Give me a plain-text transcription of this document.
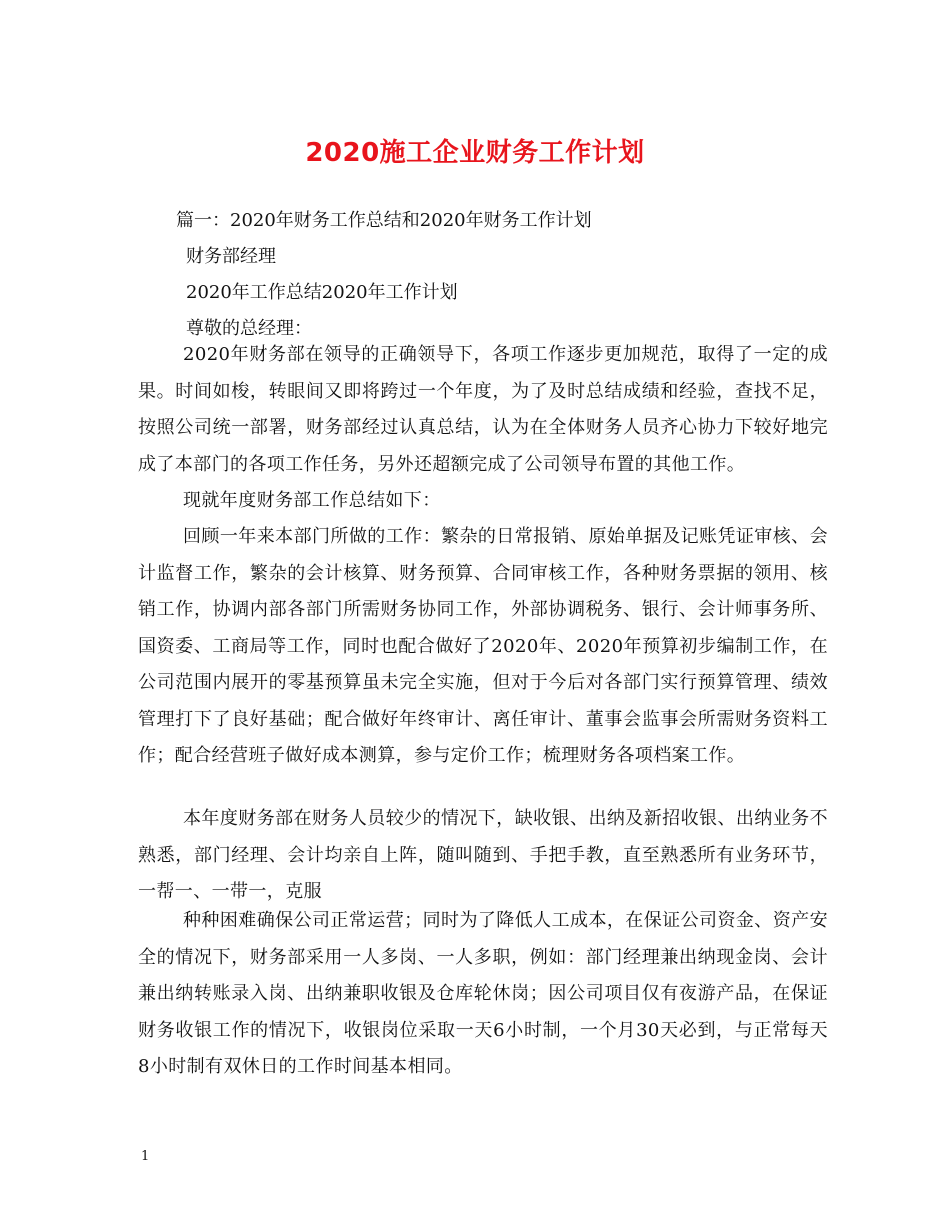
2020施工企业财务工作计划
篇一：2020年财务工作总结和2020年财务工作计划
财务部经理
2020年工作总结2020年工作计划
尊敬的总经理：
2020年财务部在领导的正确领导下，各项工作逐步更加规范，取得了一定的成果。时间如梭，转眼间又即将跨过一个年度，为了及时总结成绩和经验，查找不足，按照公司统一部署，财务部经过认真总结，认为在全体财务人员齐心协力下较好地完成了本部门的各项工作任务，另外还超额完成了公司领导布置的其他工作。
现就年度财务部工作总结如下：
回顾一年来本部门所做的工作：繁杂的日常报销、原始单据及记账凭证审核、会计监督工作，繁杂的会计核算、财务预算、合同审核工作，各种财务票据的领用、核销工作，协调内部各部门所需财务协同工作，外部协调税务、银行、会计师事务所、国资委、工商局等工作，同时也配合做好了2020年、2020年预算初步编制工作，在公司范围内展开的零基预算虽未完全实施，但对于今后对各部门实行预算管理、绩效管理打下了良好基础；配合做好年终审计、离任审计、董事会监事会所需财务资料工作；配合经营班子做好成本测算，参与定价工作；梳理财务各项档案工作。
本年度财务部在财务人员较少的情况下，缺收银、出纳及新招收银、出纳业务不熟悉，部门经理、会计均亲自上阵，随叫随到、手把手教，直至熟悉所有业务环节，一帮一、一带一，克服
种种困难确保公司正常运营；同时为了降低人工成本，在保证公司资金、资产安全的情况下，财务部采用一人多岗、一人多职，例如：部门经理兼出纳现金岗、会计兼出纳转账录入岗、出纳兼职收银及仓库轮休岗；因公司项目仅有夜游产品，在保证财务收银工作的情况下，收银岗位采取一天6小时制，一个月30天必到，与正常每天8小时制有双休日的工作时间基本相同。
1
